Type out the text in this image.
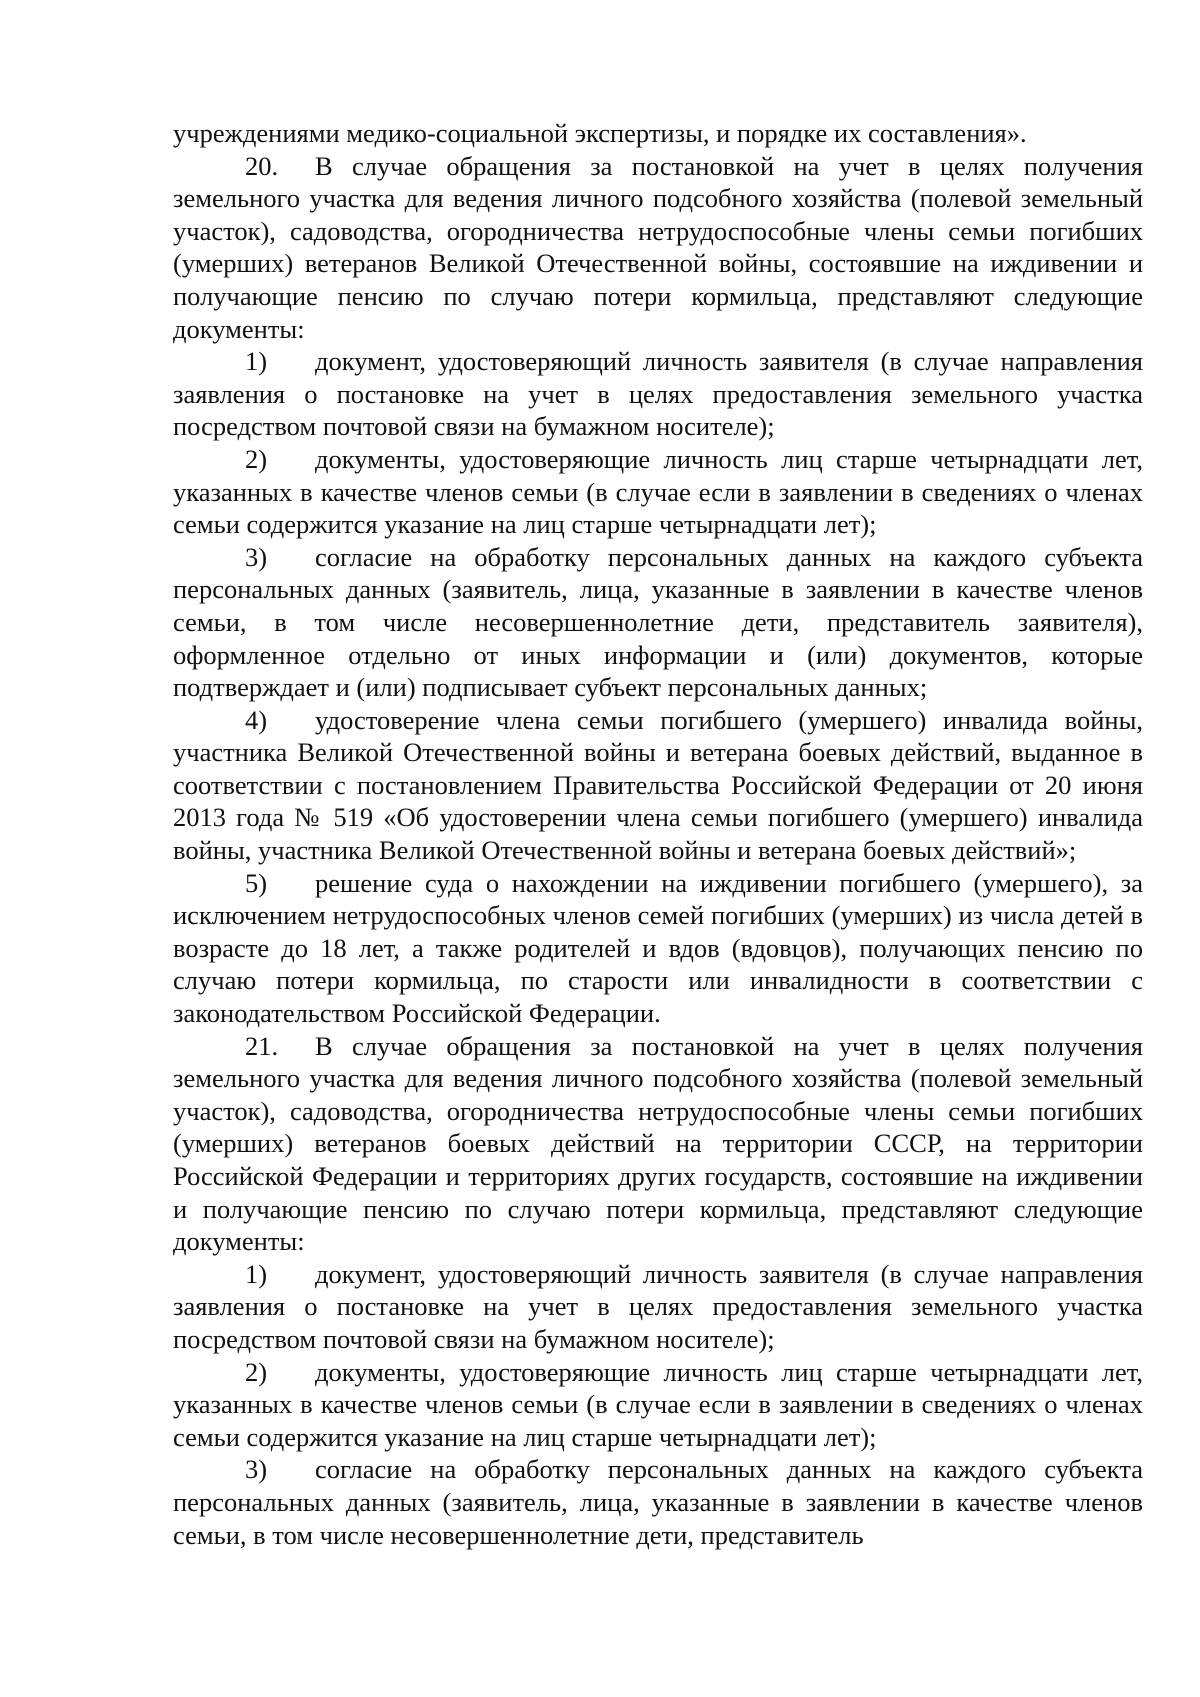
учреждениями медико-социальной экспертизы, и порядке их составления».

20. В случае обращения за постановкой на учет в целях получения земельного участка для ведения личного подсобного хозяйства (полевой земельный участок), садоводства, огородничества нетрудоспособные члены семьи погибших (умерших) ветеранов Великой Отечественной войны, состоявшие на иждивении и получающие пенсию по случаю потери кормильца, представляют следующие документы:

1) документ, удостоверяющий личность заявителя (в случае направления заявления о постановке на учет в целях предоставления земельного участка посредством почтовой связи на бумажном носителе);

2) документы, удостоверяющие личность лиц старше четырнадцати лет, указанных в качестве членов семьи (в случае если в заявлении в сведениях о членах семьи содержится указание на лиц старше четырнадцати лет);

3) согласие на обработку персональных данных на каждого субъекта персональных данных (заявитель, лица, указанные в заявлении в качестве членов семьи, в том числе несовершеннолетние дети, представитель заявителя), оформленное отдельно от иных информации и (или) документов, которые подтверждает и (или) подписывает субъект персональных данных;

4) удостоверение члена семьи погибшего (умершего) инвалида войны, участника Великой Отечественной войны и ветерана боевых действий, выданное в соответствии с постановлением Правительства Российской Федерации от 20 июня 2013 года № 519 «Об удостоверении члена семьи погибшего (умершего) инвалида войны, участника Великой Отечественной войны и ветерана боевых действий»;

5) решение суда о нахождении на иждивении погибшего (умершего), за исключением нетрудоспособных членов семей погибших (умерших) из числа детей в возрасте до 18 лет, а также родителей и вдов (вдовцов), получающих пенсию по случаю потери кормильца, по старости или инвалидности в соответствии с законодательством Российской Федерации.

21. В случае обращения за постановкой на учет в целях получения земельного участка для ведения личного подсобного хозяйства (полевой земельный участок), садоводства, огородничества нетрудоспособные члены семьи погибших (умерших) ветеранов боевых действий на территории СССР, на территории Российской Федерации и территориях других государств, состоявшие на иждивении и получающие пенсию по случаю потери кормильца, представляют следующие документы:

1) документ, удостоверяющий личность заявителя (в случае направления заявления о постановке на учет в целях предоставления земельного участка посредством почтовой связи на бумажном носителе);

2) документы, удостоверяющие личность лиц старше четырнадцати лет, указанных в качестве членов семьи (в случае если в заявлении в сведениях о членах семьи содержится указание на лиц старше четырнадцати лет);

3) согласие на обработку персональных данных на каждого субъекта персональных данных (заявитель, лица, указанные в заявлении в качестве членов семьи, в том числе несовершеннолетние дети, представитель
